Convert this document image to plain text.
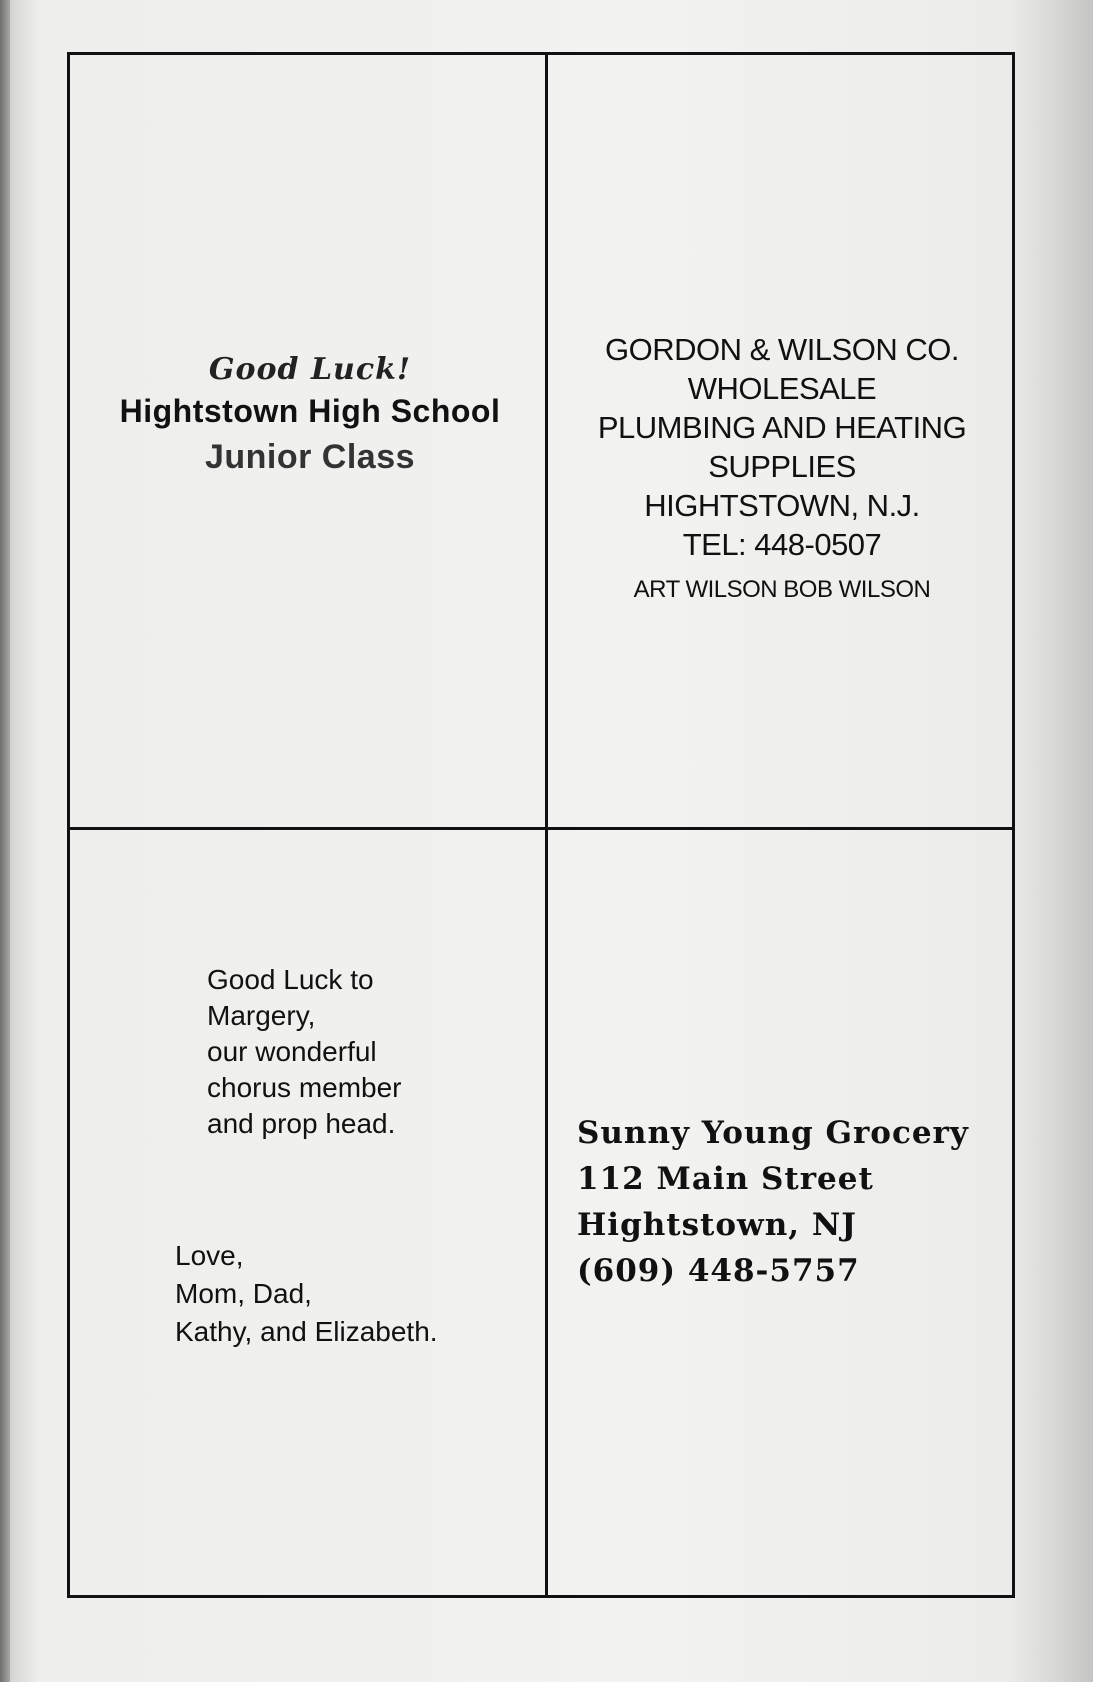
Good Luck!
Hightstown High School
Junior Class
GORDON & WILSON CO.
WHOLESALE
PLUMBING AND HEATING
SUPPLIES
HIGHTSTOWN, N.J.
TEL: 448-0507
ART WILSON BOB WILSON
Good Luck to
Margery,
our wonderful
chorus member
and prop head.
Love,
Mom, Dad,
Kathy, and Elizabeth.
Sunny Young Grocery
112 Main Street
Hightstown, NJ
(609) 448-5757
